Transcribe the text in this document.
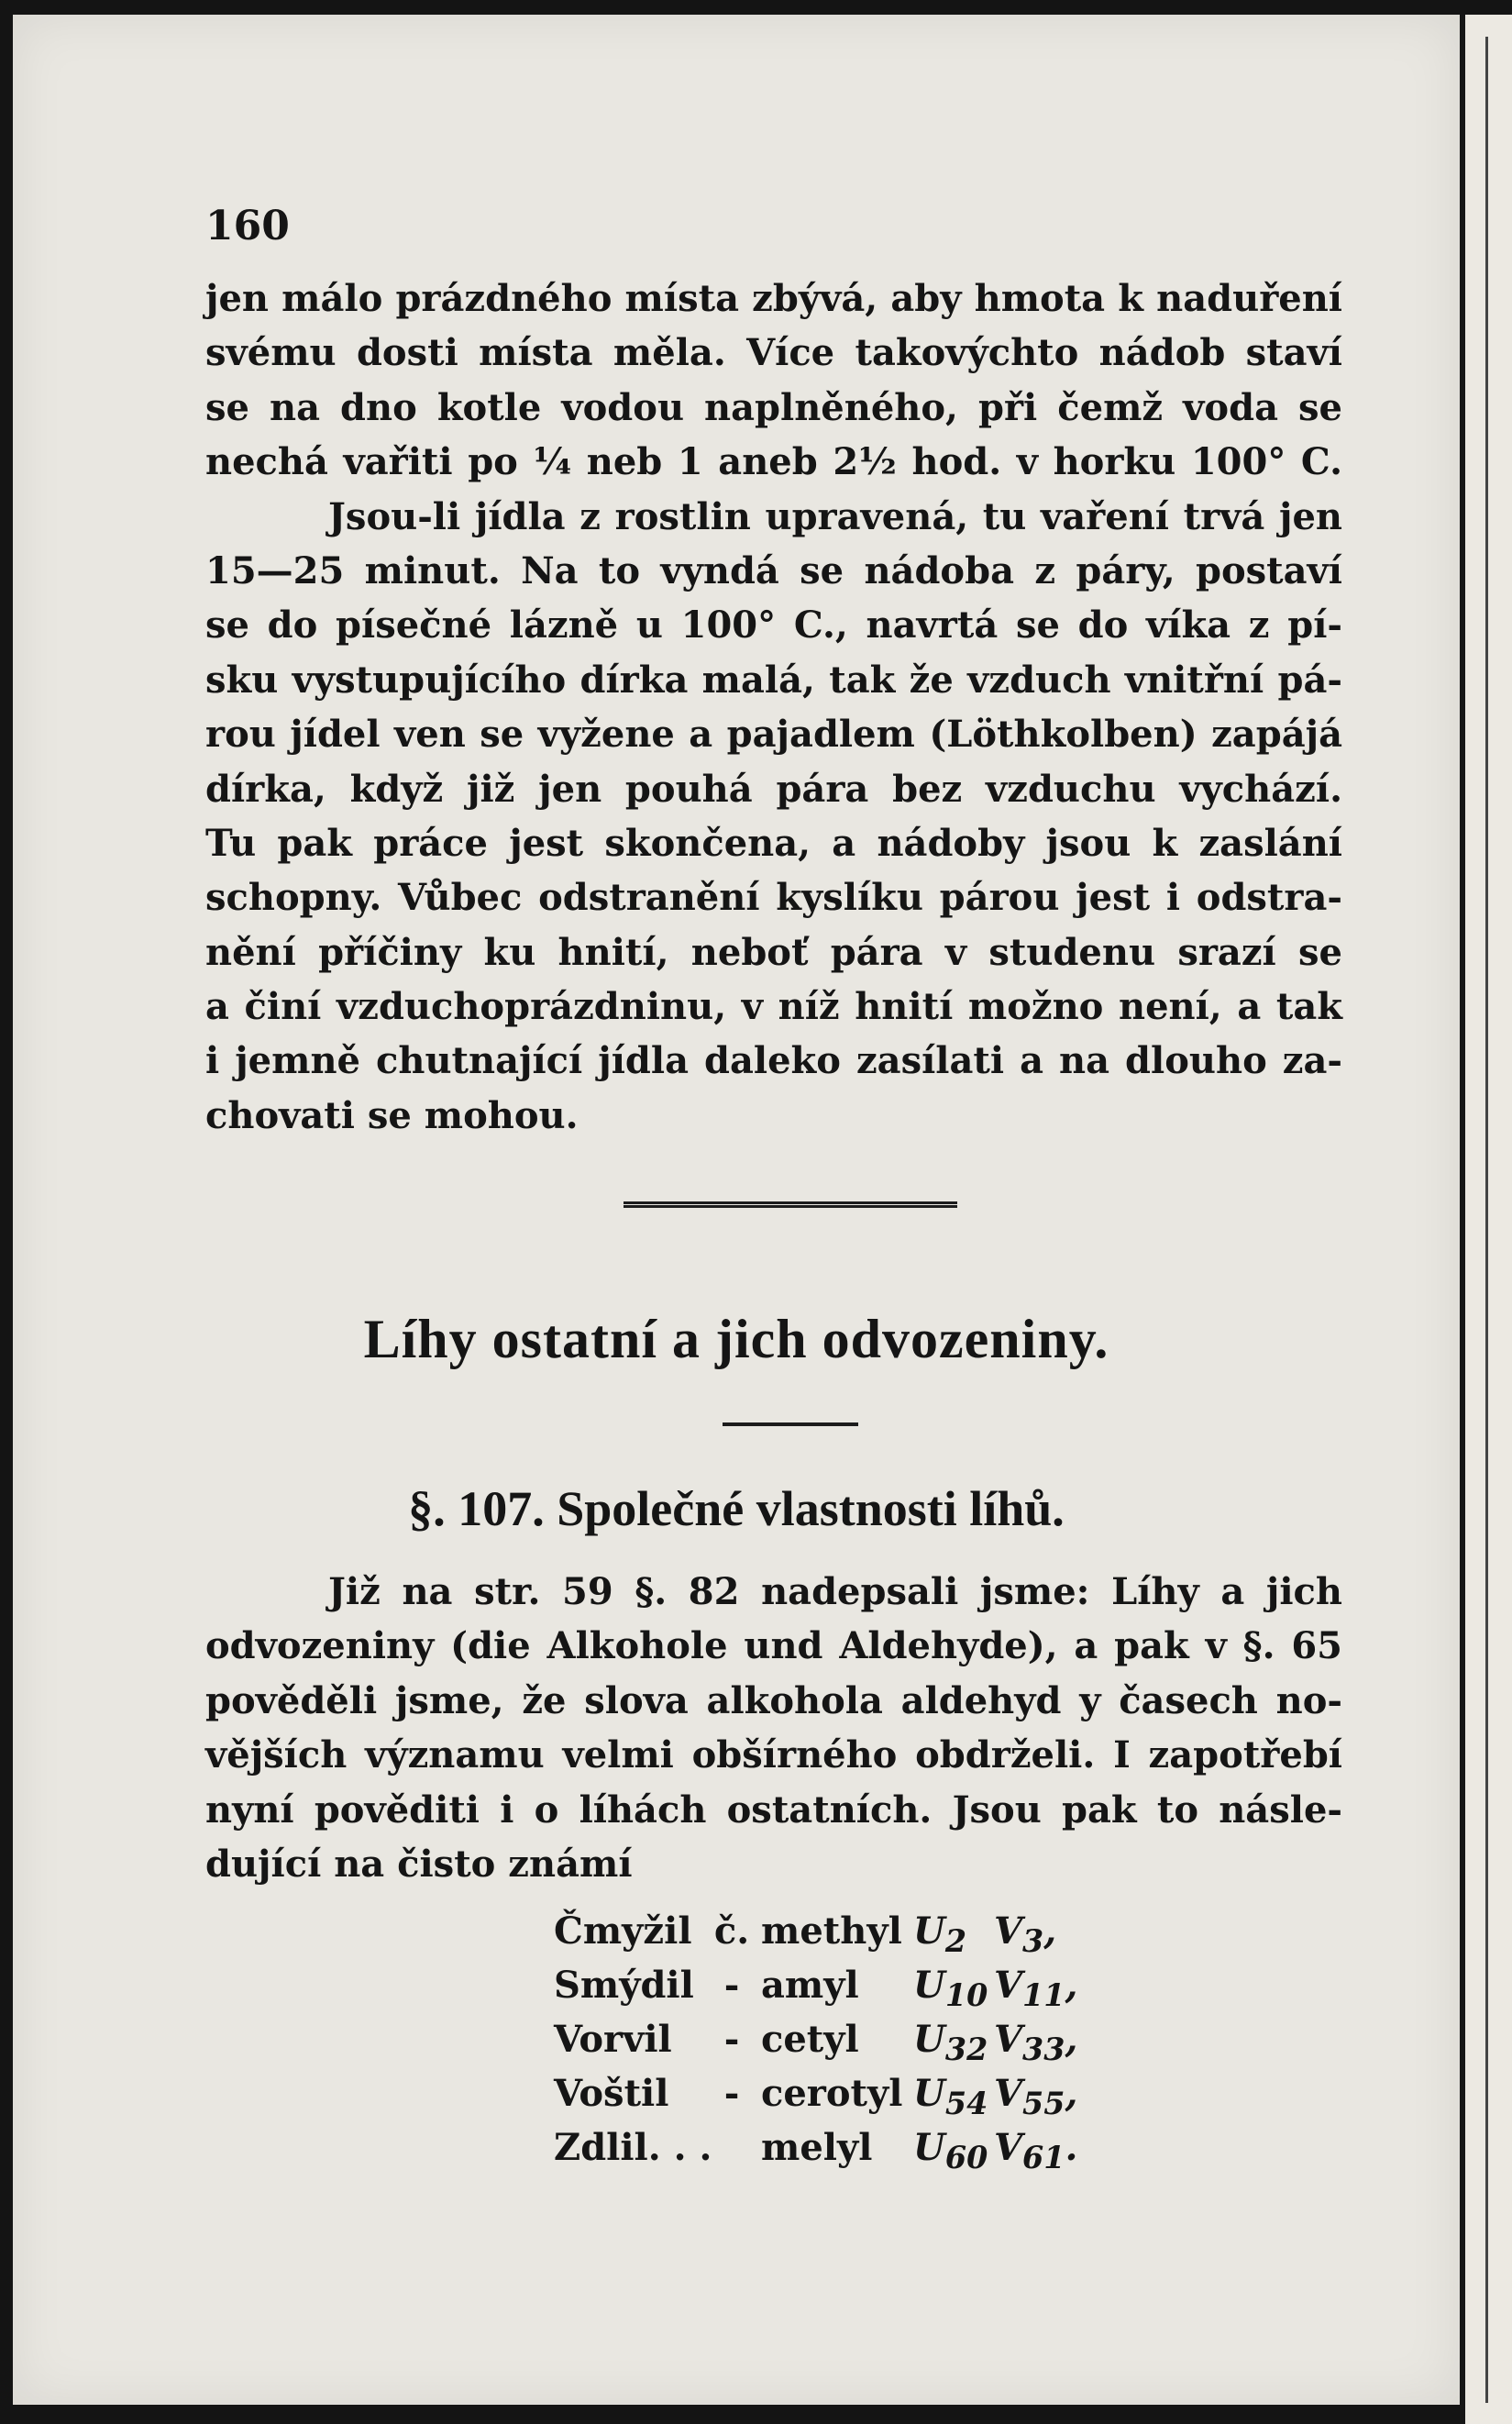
160
jen málo prázdného místa zbývá, aby hmota k naduření
svému dosti místa měla. Více takovýchto nádob staví
se na dno kotle vodou naplněného, při čemž voda se
nechá vařiti po ¼ neb 1 aneb 2½ hod. v horku 100° C.
Jsou-li jídla z rostlin upravená, tu vaření trvá jen
15—25 minut. Na to vyndá se nádoba z páry, postaví
se do písečné lázně u 100° C., navrtá se do víka z pí-
sku vystupujícího dírka malá, tak že vzduch vnitřní pá-
rou jídel ven se vyžene a pajadlem (Löthkolben) zapájá
dírka, když již jen pouhá pára bez vzduchu vychází.
Tu pak práce jest skončena, a nádoby jsou k zaslání
schopny. Vůbec odstranění kyslíku párou jest i odstra-
nění příčiny ku hnití, neboť pára v studenu srazí se
a činí vzduchoprázdninu, v níž hnití možno není, a tak
i jemně chutnající jídla daleko zasílati a na dlouho za-
chovati se mohou.
Líhy ostatní a jich odvozeniny.
§. 107. Společné vlastnosti líhů.
Již na str. 59 §. 82 nadepsali jsme: Líhy a jich
odvozeniny (die Alkohole und Aldehyde), a pak v §. 65
pověděli jsme, že slova alkohola aldehyd y časech no-
vějších významu velmi obšírného obdrželi. I zapotřebí
nyní pověditi i o líhách ostatních. Jsou pak to násle-
dující na čisto známí
Čmyžil č. methyl $U_2$ $V_3$,
Smýdil - amyl $U_{10}$ $V_{11}$,
Vorvil - cetyl $U_{32}$ $V_{33}$,
Voštil - cerotyl $U_{54}$ $V_{55}$,
Zdlil. . . melyl $U_{60}$ $V_{61}$.
